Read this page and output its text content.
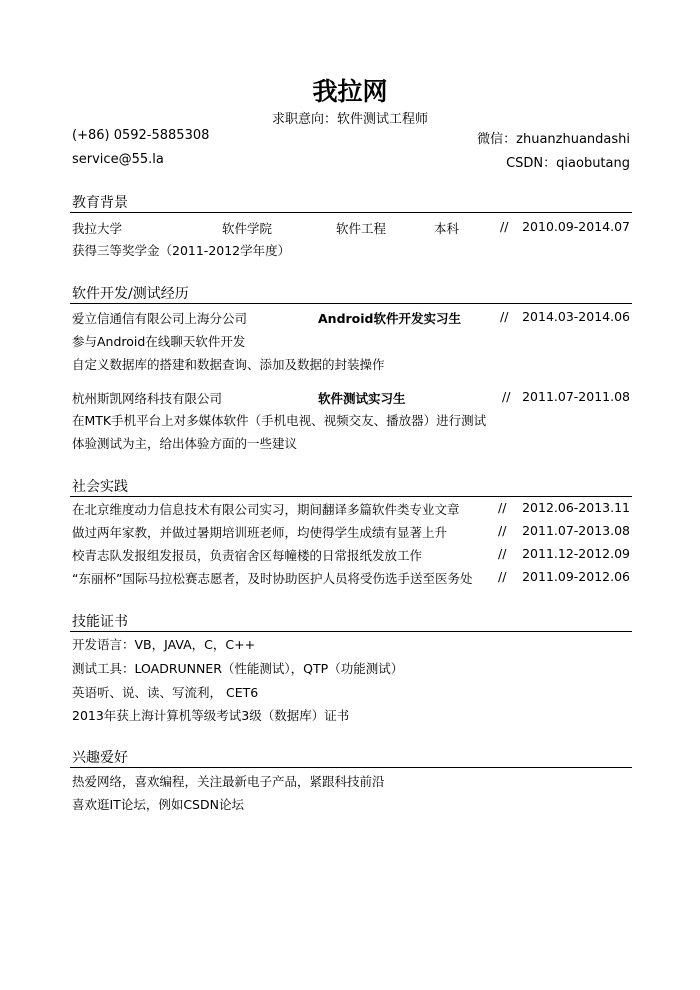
我拉网
求职意向：软件测试工程师
(+86) 0592-5885308
service@55.la
微信：zhuanzhuandashi
CSDN：qiaobutang
教育背景
我拉大学	软件学院	软件工程	本科	// 2010.09-2014.07
获得三等奖学金（2011-2012学年度）
软件开发/测试经历
爱立信通信有限公司上海分公司	Android软件开发实习生	// 2014.03-2014.06
参与Android在线聊天软件开发
自定义数据库的搭建和数据查询、添加及数据的封装操作
杭州斯凯网络科技有限公司	软件测试实习生	// 2011.07-2011.08
在MTK手机平台上对多媒体软件（手机电视、视频交友、播放器）进行测试
体验测试为主，给出体验方面的一些建议
社会实践
在北京维度动力信息技术有限公司实习，期间翻译多篇软件类专业文章	// 2012.06-2013.11
做过两年家教，并做过暑期培训班老师，均使得学生成绩有显著上升	// 2011.07-2013.08
校青志队发报组发报员，负责宿舍区每幢楼的日常报纸发放工作	// 2011.12-2012.09
“东丽杯”国际马拉松赛志愿者，及时协助医护人员将受伤选手送至医务处 // 2011.09-2012.06
技能证书
开发语言：VB，JAVA，C，C++
测试工具：LOADRUNNER（性能测试），QTP（功能测试）
英语听、说、读、写流利， CET6
2013年获上海计算机等级考试3级（数据库）证书
兴趣爱好
热爱网络，喜欢编程，关注最新电子产品，紧跟科技前沿
喜欢逛IT论坛，例如CSDN论坛
